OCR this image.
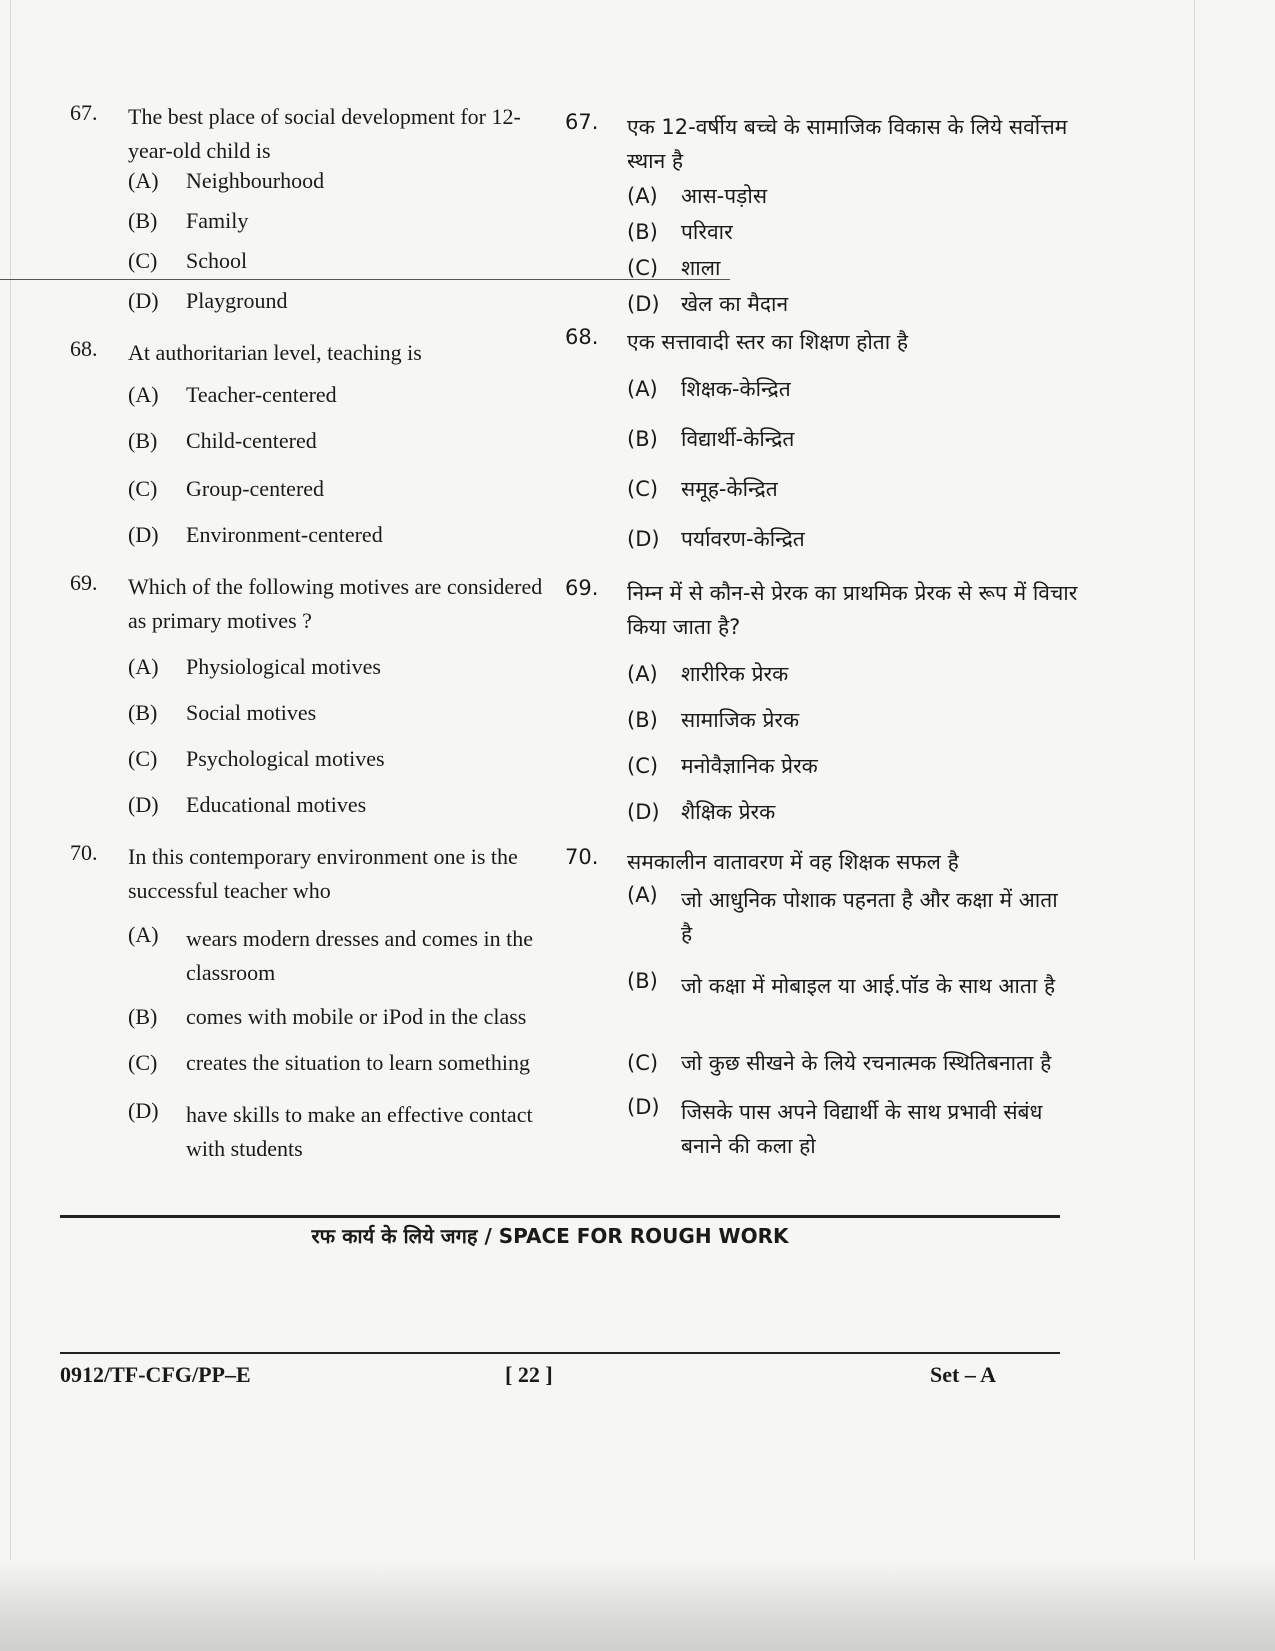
67. The best place of social development for 12-year-old child is
(A) Neighbourhood
(B) Family
(C) School
(D) Playground
68. At authoritarian level, teaching is
(A) Teacher-centered
(B) Child-centered
(C) Group-centered
(D) Environment-centered
69. Which of the following motives are considered as primary motives ?
(A) Physiological motives
(B) Social motives
(C) Psychological motives
(D) Educational motives
70. In this contemporary environment one is the successful teacher who
(A) wears modern dresses and comes in the classroom
(B) comes with mobile or iPod in the class
(C) creates the situation to learn something
(D) have skills to make an effective contact with students
67. एक 12-वर्षीय बच्चे के सामाजिक विकास के लिये सर्वोत्तम स्थान है
(A) आस-पड़ोस
(B) परिवार
(C) शाला
(D) खेल का मैदान
68. एक सत्तावादी स्तर का शिक्षण होता है
(A) शिक्षक-केन्द्रित
(B) विद्यार्थी-केन्द्रित
(C) समूह-केन्द्रित
(D) पर्यावरण-केन्द्रित
69. निम्न में से कौन-से प्रेरक का प्राथमिक प्रेरक से रूप में विचार किया जाता है?
(A) शारीरिक प्रेरक
(B) सामाजिक प्रेरक
(C) मनोवैज्ञानिक प्रेरक
(D) शैक्षिक प्रेरक
70. समकालीन वातावरण में वह शिक्षक सफल है
(A) जो आधुनिक पोशाक पहनता है और कक्षा में आता है
(B) जो कक्षा में मोबाइल या आई.पॉड के साथ आता है
(C) जो कुछ सीखने के लिये रचनात्मक स्थितिबनाता है
(D) जिसके पास अपने विद्यार्थी के साथ प्रभावी संबंध बनाने की कला हो
रफ कार्य के लिये जगह / SPACE FOR ROUGH WORK
0912/TF-CFG/PP–E	[ 22 ]	Set – A
